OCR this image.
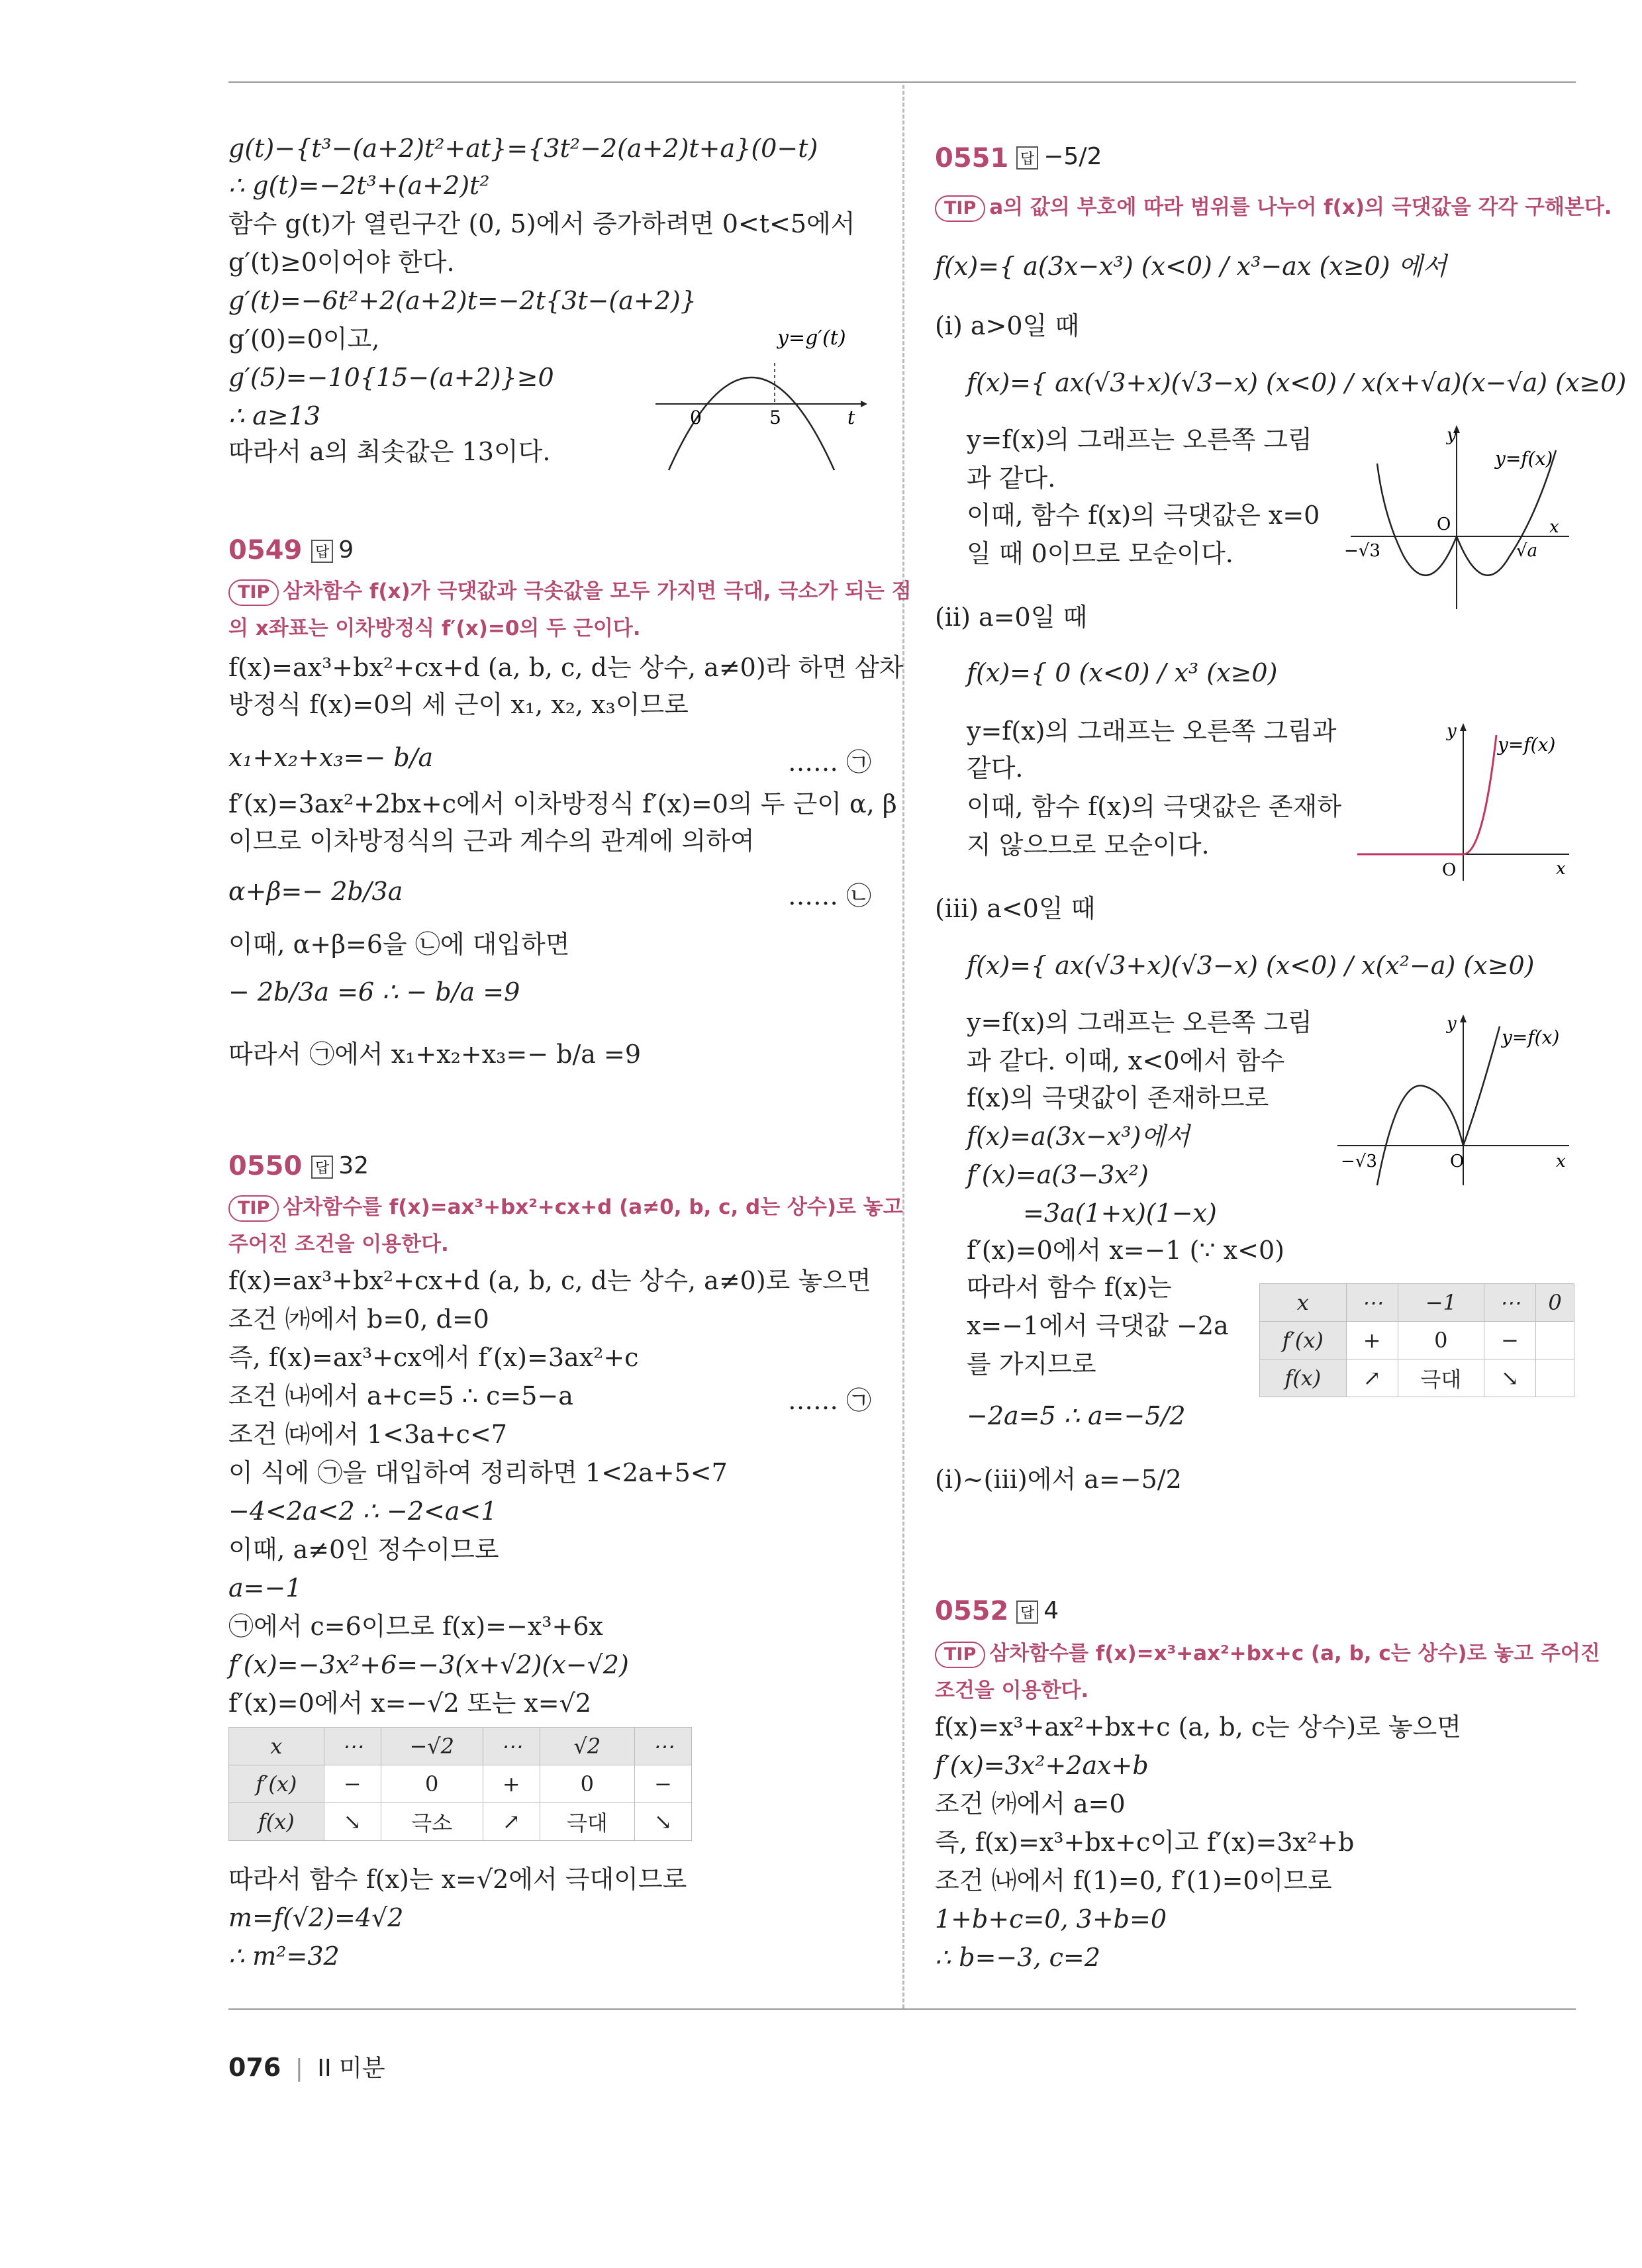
g(t)−{t³−(a+2)t²+at}={3t²−2(a+2)t+a}(0−t)
∴ g(t)=−2t³+(a+2)t²
함수 g(t)가 열린구간 (0, 5)에서 증가하려면 0<t<5에서
g′(t)≥0이어야 한다.
g′(t)=−6t²+2(a+2)t=−2t{3t−(a+2)}
g′(0)=0이고,
g′(5)=−10{15−(a+2)}≥0
∴ a≥13
따라서 a의 최솟값은 13이다.
y=g′(t)
0	5	t
0549 답 9
TIP 삼차함수 f(x)가 극댓값과 극솟값을 모두 가지면 극대, 극소가 되는 점
의 x좌표는 이차방정식 f′(x)=0의 두 근이다.
f(x)=ax³+bx²+cx+d (a, b, c, d는 상수, a≠0)라 하면 삼차
방정식 f(x)=0의 세 근이 x₁, x₂, x₃이므로
x₁+x₂+x₃=− b/a	…… ㉠
f′(x)=3ax²+2bx+c에서 이차방정식 f′(x)=0의 두 근이 α, β
이므로 이차방정식의 근과 계수의 관계에 의하여
α+β=− 2b/3a	…… ㉡
이때, α+β=6을 ㉡에 대입하면
− 2b/3a =6 ∴ − b/a =9
따라서 ㉠에서 x₁+x₂+x₃=− b/a =9
0550 답 32
TIP 삼차함수를 f(x)=ax³+bx²+cx+d (a≠0, b, c, d는 상수)로 놓고
주어진 조건을 이용한다.
f(x)=ax³+bx²+cx+d (a, b, c, d는 상수, a≠0)로 놓으면
조건 ㈎에서 b=0, d=0
즉, f(x)=ax³+cx에서 f′(x)=3ax²+c
조건 ㈏에서 a+c=5 ∴ c=5−a	…… ㉠
조건 ㈐에서 1<3a+c<7
이 식에 ㉠을 대입하여 정리하면 1<2a+5<7
−4<2a<2 ∴ −2<a<1
이때, a≠0인 정수이므로
a=−1
㉠에서 c=6이므로 f(x)=−x³+6x
f′(x)=−3x²+6=−3(x+√2)(x−√2)
f′(x)=0에서 x=−√2 또는 x=√2
x	⋯	−√2	⋯	√2	⋯
f′(x)	−	0	+	0	−
f(x)	↘	극소	↗	극대	↘
따라서 함수 f(x)는 x=√2에서 극대이므로
m=f(√2)=4√2
∴ m²=32
0551 답 −5/2
TIP a의 값의 부호에 따라 범위를 나누어 f(x)의 극댓값을 각각 구해본다.
f(x)={ a(3x−x³) (x<0) / x³−ax (x≥0) 에서
(ⅰ) a>0일 때
f(x)={ ax(√3+x)(√3−x) (x<0) / x(x+√a)(x−√a) (x≥0)
y=f(x)의 그래프는 오른쪽 그림
과 같다.
이때, 함수 f(x)의 극댓값은 x=0
일 때 0이므로 모순이다.
y
y=f(x)
O
−√3	√a
x
(ⅱ) a=0일 때
f(x)={ 0 (x<0) / x³ (x≥0)
y=f(x)의 그래프는 오른쪽 그림과
같다.
이때, 함수 f(x)의 극댓값은 존재하
지 않으므로 모순이다.
y
y=f(x)
O	x
(ⅲ) a<0일 때
f(x)={ ax(√3+x)(√3−x) (x<0) / x(x²−a) (x≥0)
y=f(x)의 그래프는 오른쪽 그림
과 같다. 이때, x<0에서 함수
f(x)의 극댓값이 존재하므로
f(x)=a(3x−x³)에서
f′(x)=a(3−3x²)
=3a(1+x)(1−x)
f′(x)=0에서 x=−1 (∵ x<0)
따라서 함수 f(x)는
x=−1에서 극댓값 −2a
를 가지므로
−2a=5 ∴ a=−5/2
(ⅰ)~(ⅲ)에서 a=−5/2
y
y=f(x)
O
−√3	x
x	⋯	−1	⋯	0
f′(x)	+	0	−	
f(x)	↗	극대	↘	
0552 답 4
TIP 삼차함수를 f(x)=x³+ax²+bx+c (a, b, c는 상수)로 놓고 주어진
조건을 이용한다.
f(x)=x³+ax²+bx+c (a, b, c는 상수)로 놓으면
f′(x)=3x²+2ax+b
조건 ㈎에서 a=0
즉, f(x)=x³+bx+c이고 f′(x)=3x²+b
조건 ㈏에서 f(1)=0, f′(1)=0이므로
1+b+c=0, 3+b=0
∴ b=−3, c=2
076 | II 미분
